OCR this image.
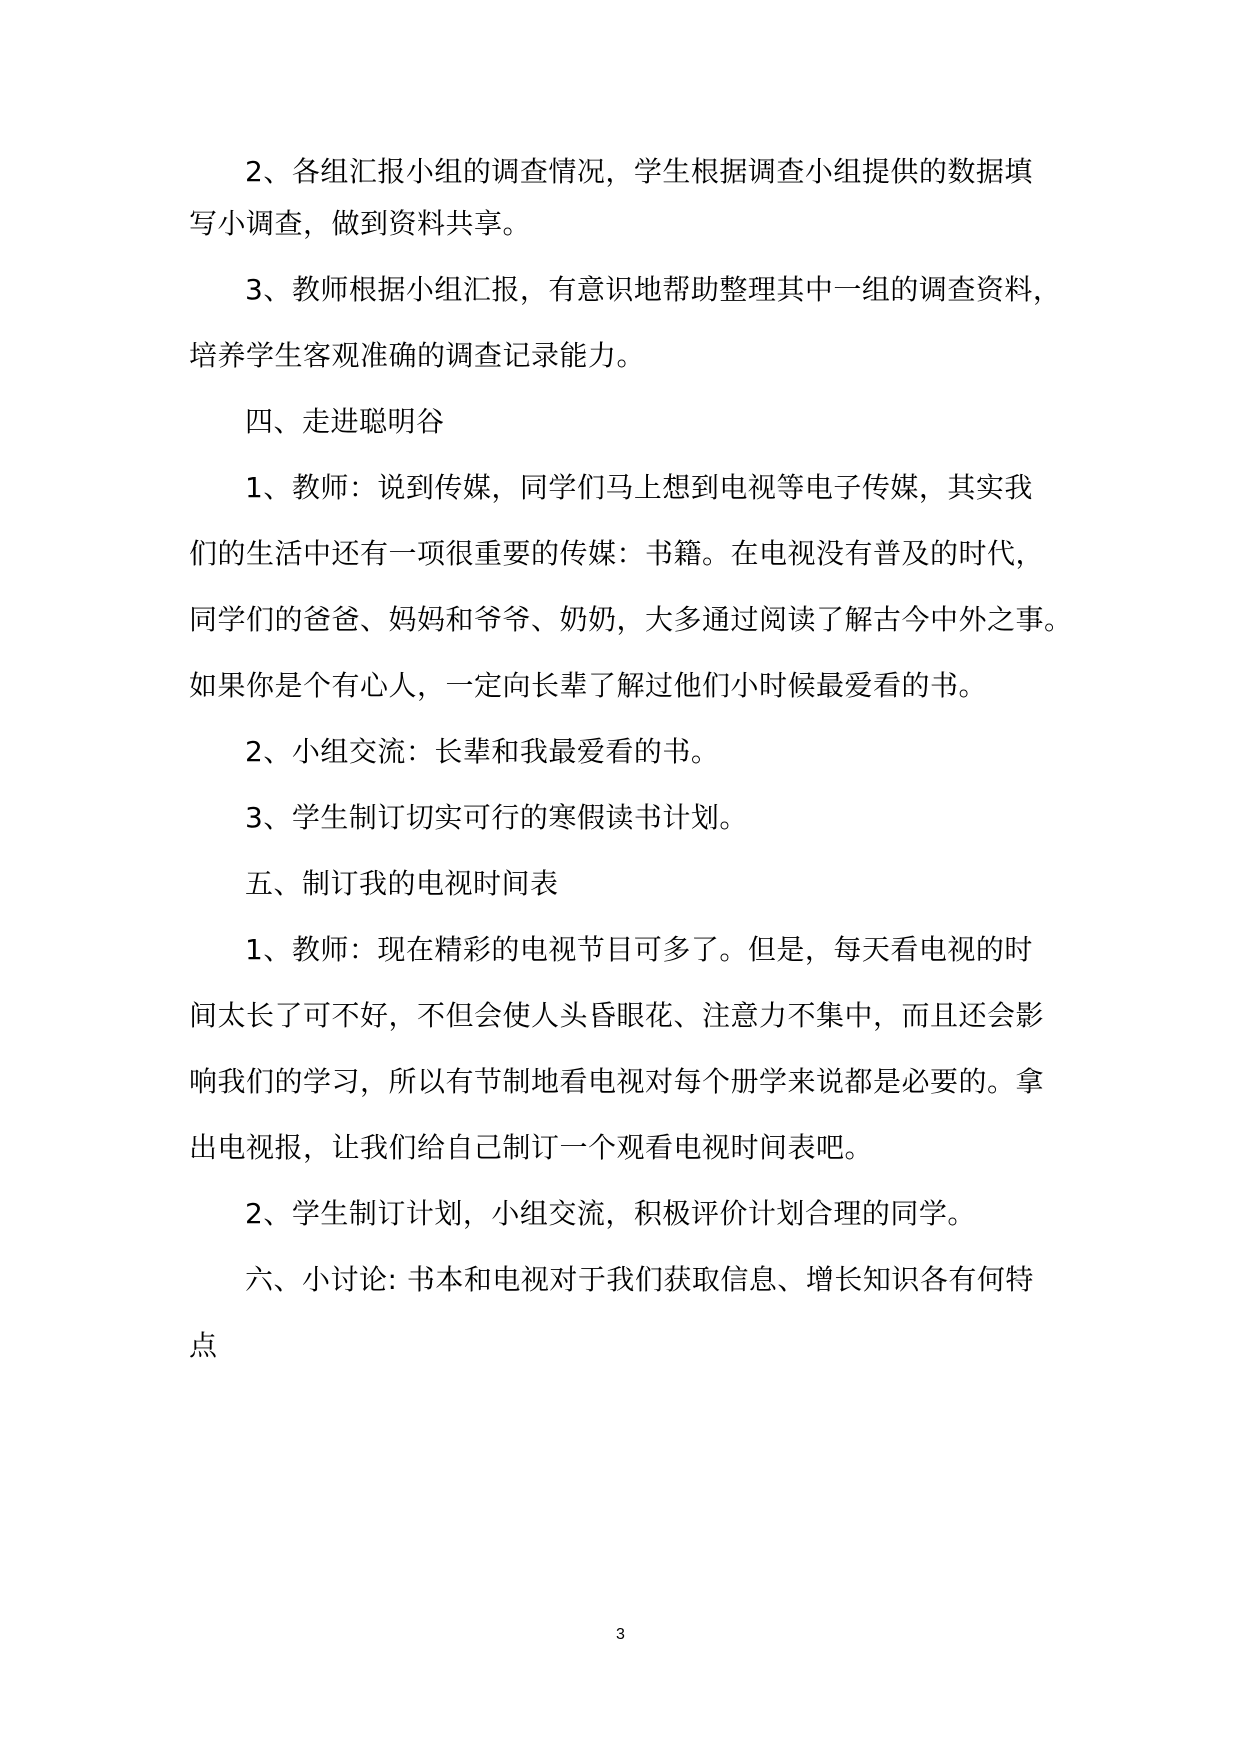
2、各组汇报小组的调查情况，学生根据调查小组提供的数据填
写小调查，做到资料共享。
3、教师根据小组汇报，有意识地帮助整理其中一组的调查资料，
培养学生客观准确的调查记录能力。
四、走进聪明谷
1、教师：说到传媒，同学们马上想到电视等电子传媒，其实我
们的生活中还有一项很重要的传媒：书籍。在电视没有普及的时代，
同学们的爸爸、妈妈和爷爷、奶奶，大多通过阅读了解古今中外之事。
如果你是个有心人，一定向长辈了解过他们小时候最爱看的书。
2、小组交流：长辈和我最爱看的书。
3、学生制订切实可行的寒假读书计划。
五、制订我的电视时间表
1、教师：现在精彩的电视节目可多了。但是，每天看电视的时
间太长了可不好，不但会使人头昏眼花、注意力不集中，而且还会影
响我们的学习，所以有节制地看电视对每个册学来说都是必要的。拿
出电视报，让我们给自己制订一个观看电视时间表吧。
2、学生制订计划，小组交流，积极评价计划合理的同学。
六、小讨论: 书本和电视对于我们获取信息、增长知识各有何特
点
3
